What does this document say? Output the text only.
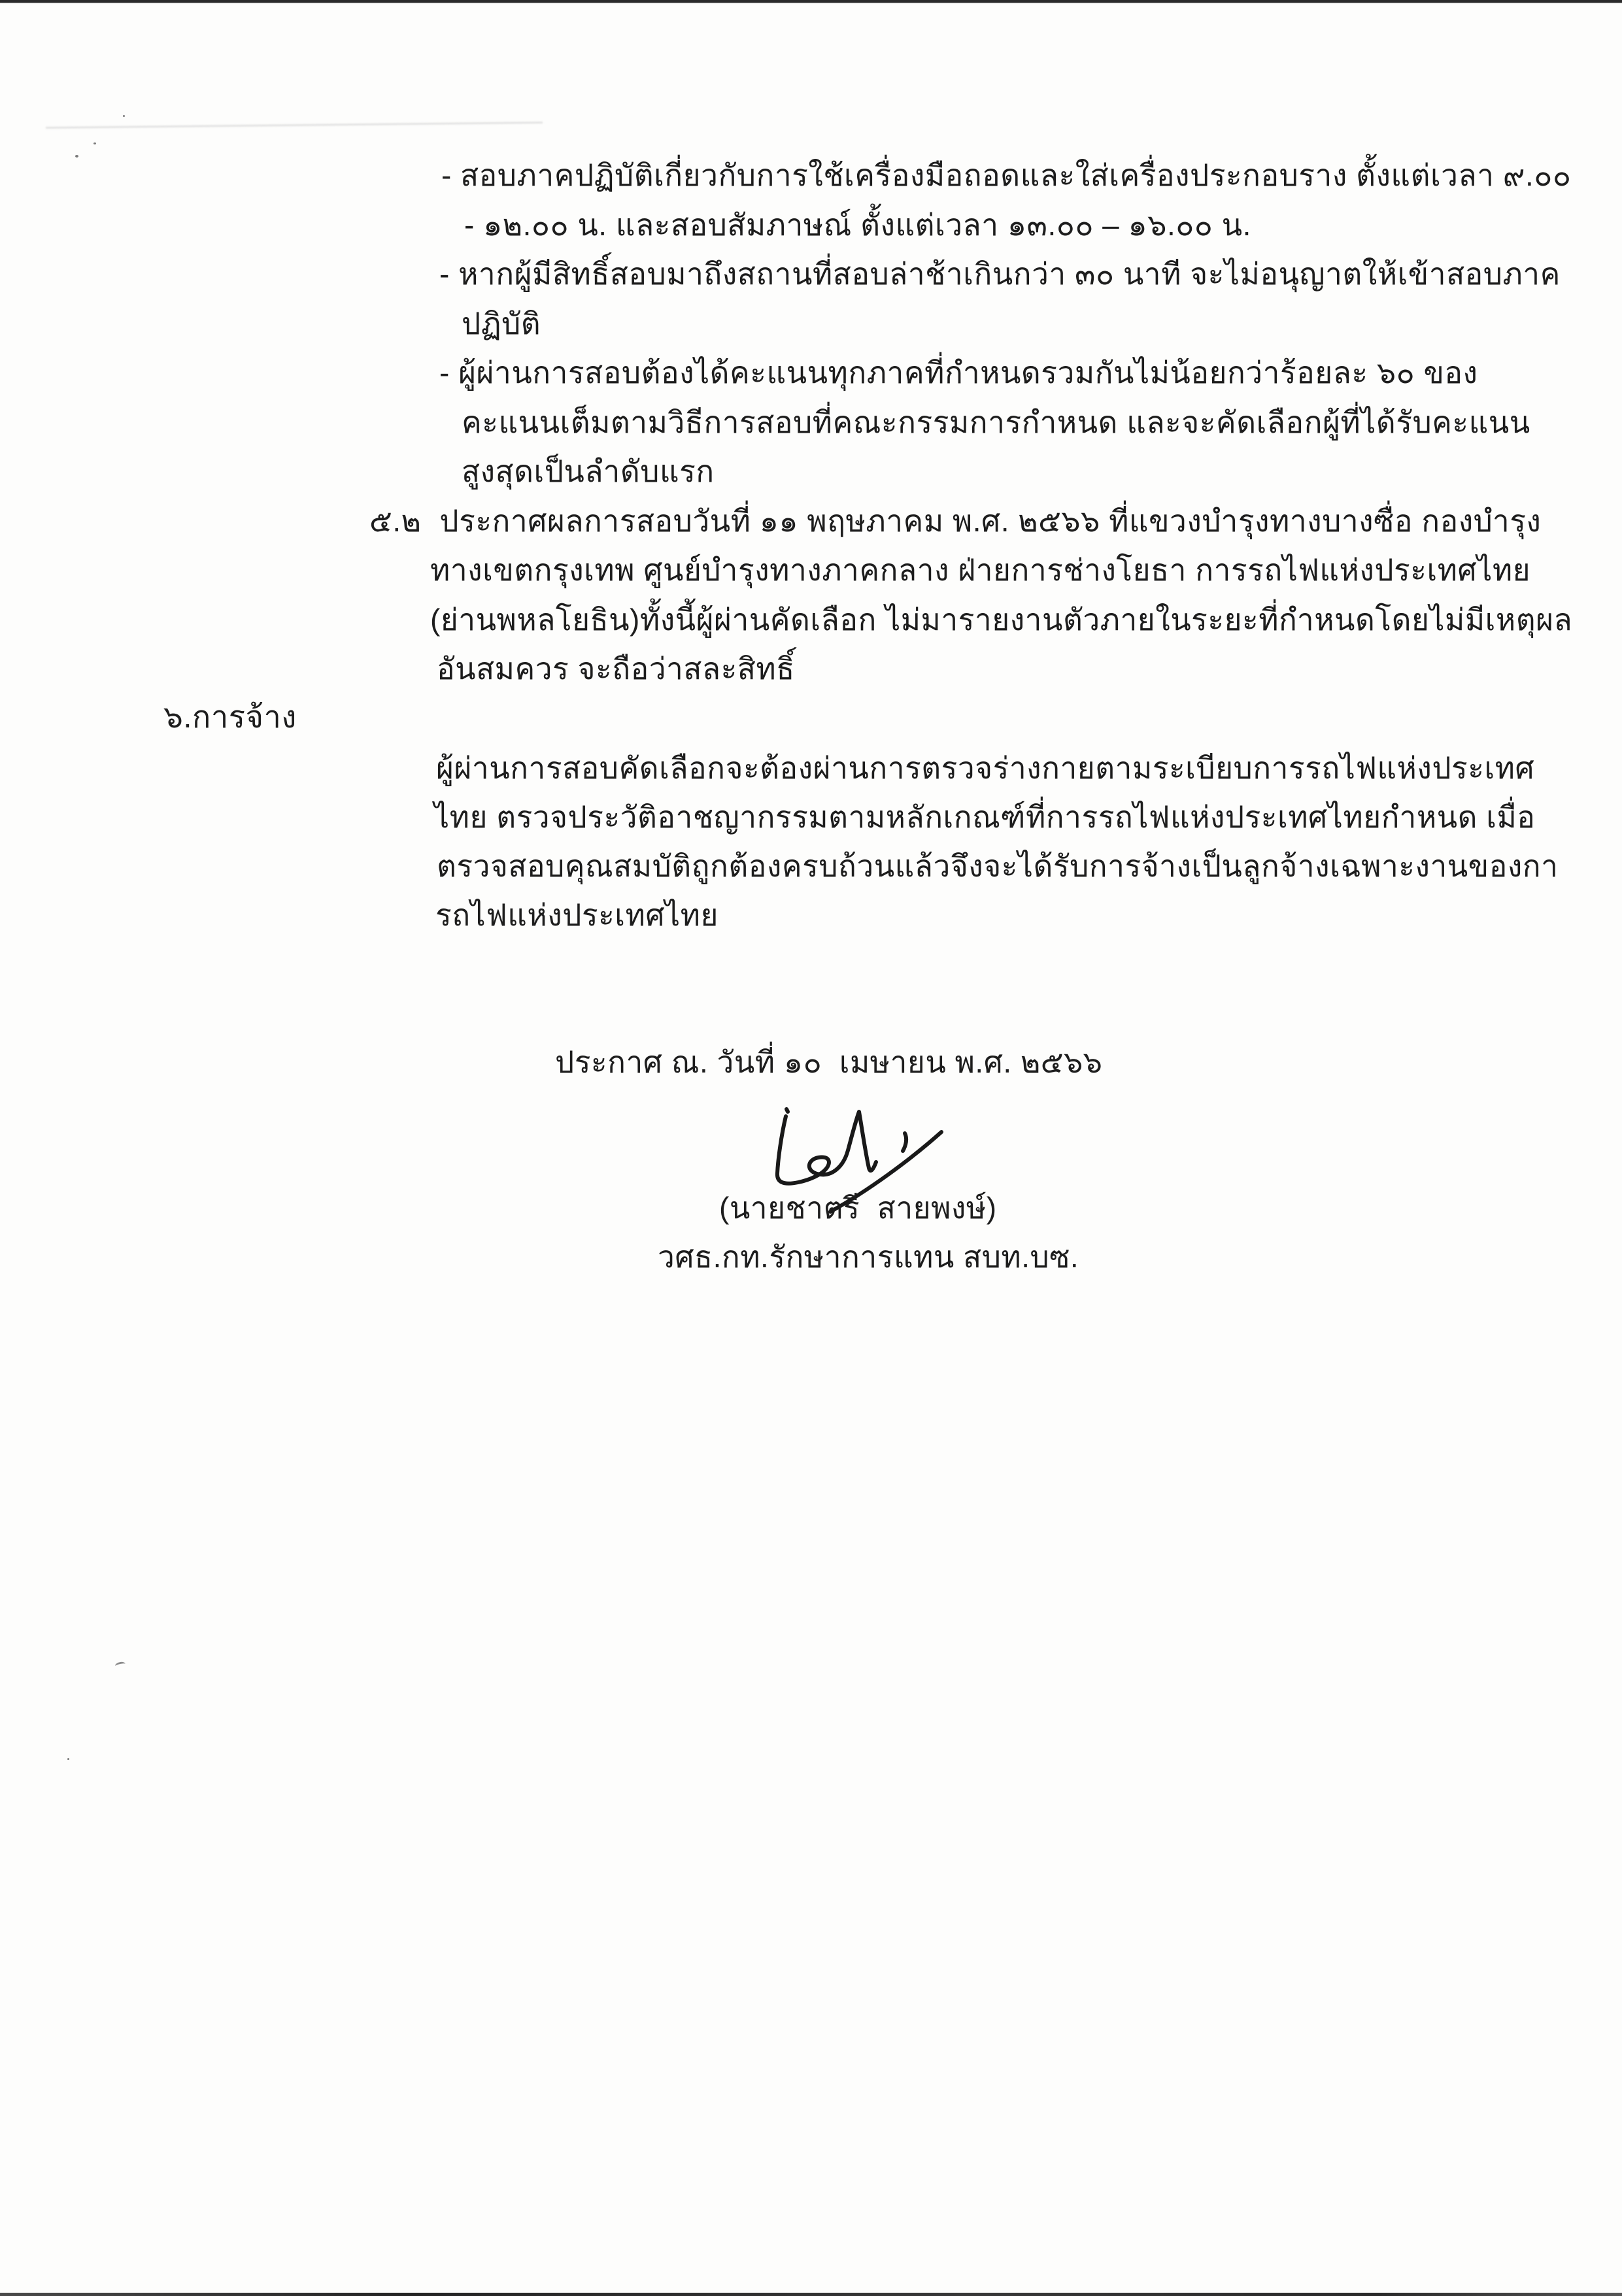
- สอบภาคปฏิบัติเกี่ยวกับการใช้เครื่องมือถอดและใส่เครื่องประกอบราง ตั้งแต่เวลา ๙.๐๐
- ๑๒.๐๐ น. และสอบสัมภาษณ์ ตั้งแต่เวลา ๑๓.๐๐ – ๑๖.๐๐ น.
- หากผู้มีสิทธิ์สอบมาถึงสถานที่สอบล่าช้าเกินกว่า ๓๐ นาที จะไม่อนุญาตให้เข้าสอบภาค
ปฏิบัติ
- ผู้ผ่านการสอบต้องได้คะแนนทุกภาคที่กำหนดรวมกันไม่น้อยกว่าร้อยละ ๖๐ ของ
คะแนนเต็มตามวิธีการสอบที่คณะกรรมการกำหนด และจะคัดเลือกผู้ที่ได้รับคะแนน
สูงสุดเป็นลำดับแรก
๕.๒ ประกาศผลการสอบวันที่ ๑๑ พฤษภาคม พ.ศ. ๒๕๖๖ ที่แขวงบำรุงทางบางซื่อ กองบำรุง
ทางเขตกรุงเทพ ศูนย์บำรุงทางภาคกลาง ฝ่ายการช่างโยธา การรถไฟแห่งประเทศไทย
(ย่านพหลโยธิน)ทั้งนี้ผู้ผ่านคัดเลือก ไม่มารายงานตัวภายในระยะที่กำหนดโดยไม่มีเหตุผล
อันสมควร จะถือว่าสละสิทธิ์
๖.การจ้าง
ผู้ผ่านการสอบคัดเลือกจะต้องผ่านการตรวจร่างกายตามระเบียบการรถไฟแห่งประเทศ
ไทย ตรวจประวัติอาชญากรรมตามหลักเกณฑ์ที่การรถไฟแห่งประเทศไทยกำหนด เมื่อ
ตรวจสอบคุณสมบัติถูกต้องครบถ้วนแล้วจึงจะได้รับการจ้างเป็นลูกจ้างเฉพาะงานของกา
รถไฟแห่งประเทศไทย
ประกาศ ณ. วันที่ ๑๐  เมษายน พ.ศ. ๒๕๖๖
(นายชาตรี  สายพงษ์)
วศธ.กท.รักษาการแทน สบท.บซ.
